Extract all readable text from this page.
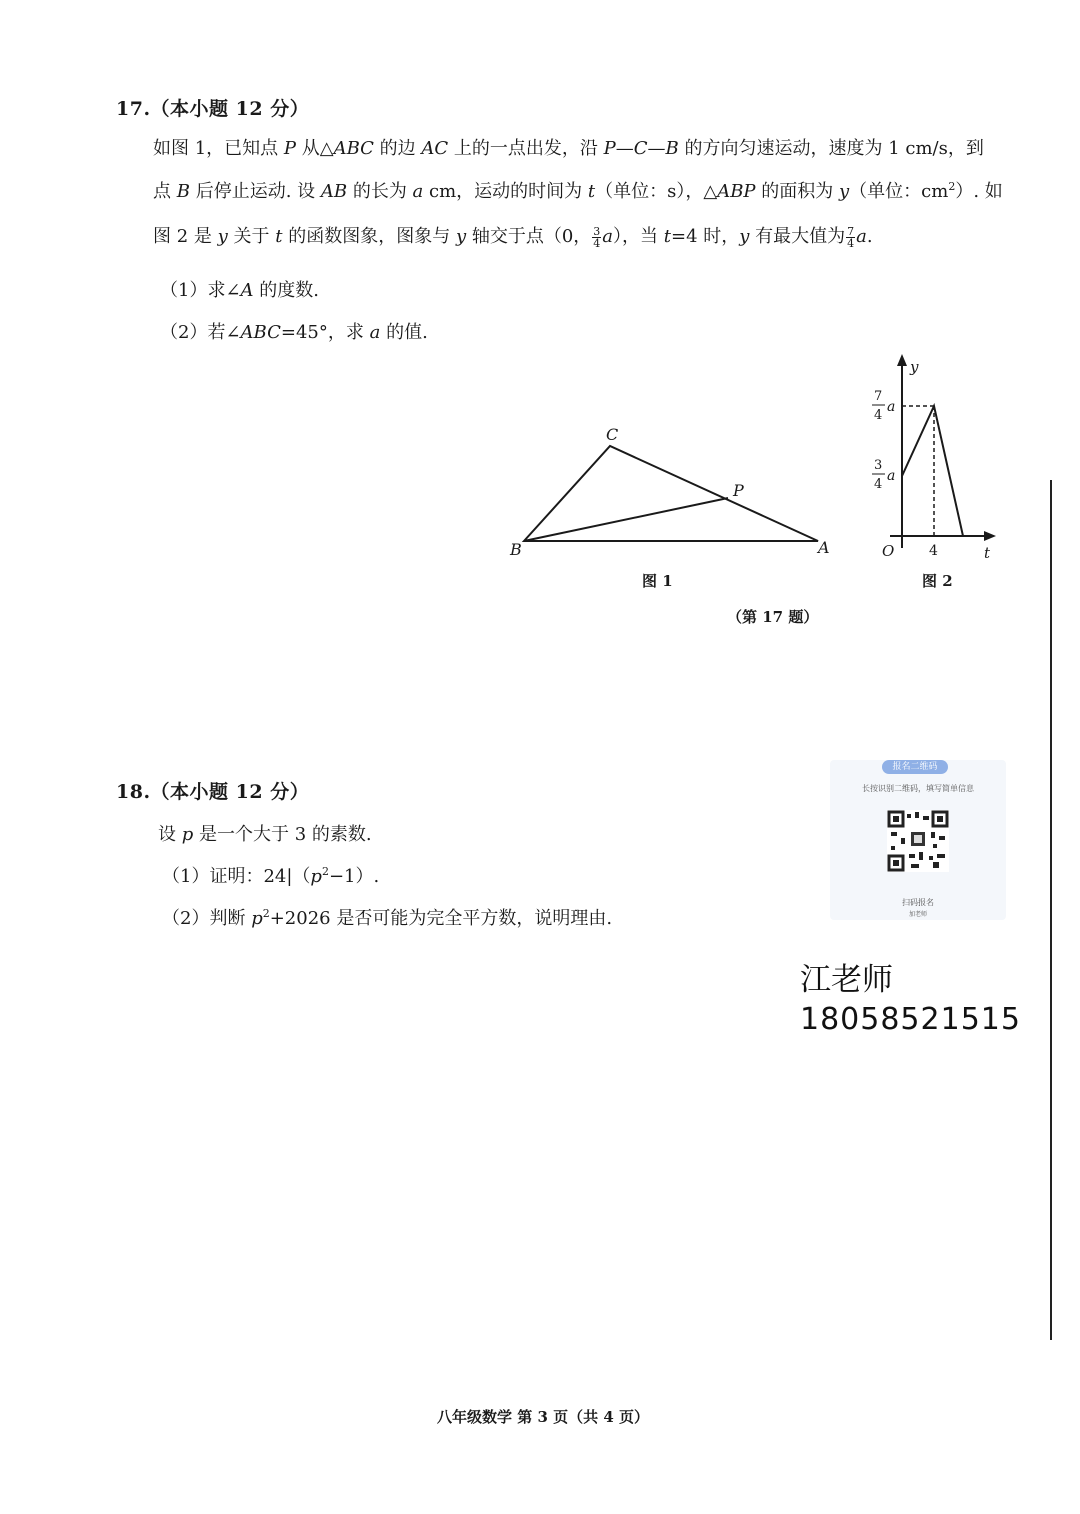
17.（本小题 12 分）
如图 1，已知点 P 从△ABC 的边 AC 上的一点出发，沿 P—C—B 的方向匀速运动，速度为 1 cm/s，到
点 B 后停止运动. 设 AB 的长为 a cm，运动的时间为 t（单位：s），△ABP 的面积为 y（单位：$cm^2$）. 如
图 2 是 y 关于 t 的函数图象，图象与 y 轴交于点（0， $\frac{3}{4} a$），当 t=4 时，y 有最大值为 $\frac{7}{4} a$.
（1）求∠A 的度数.
（2）若∠ABC=45°，求 a 的值.
C
P
B	A
图 1
y
t
O 4
7
4
a
3
4
a
图 2
（第 17 题）
18.（本小题 12 分）
设 p 是一个大于 3 的素数.
（1）证明：$24|(p^2-1)$.
（2）判断 $p^2+2026$ 是否可能为完全平方数，说明理由.
报名二维码
长按识别二维码，填写简单信息
扫码报名
加老师
江老师
18058521515
八年级数学 第 3 页（共 4 页）
